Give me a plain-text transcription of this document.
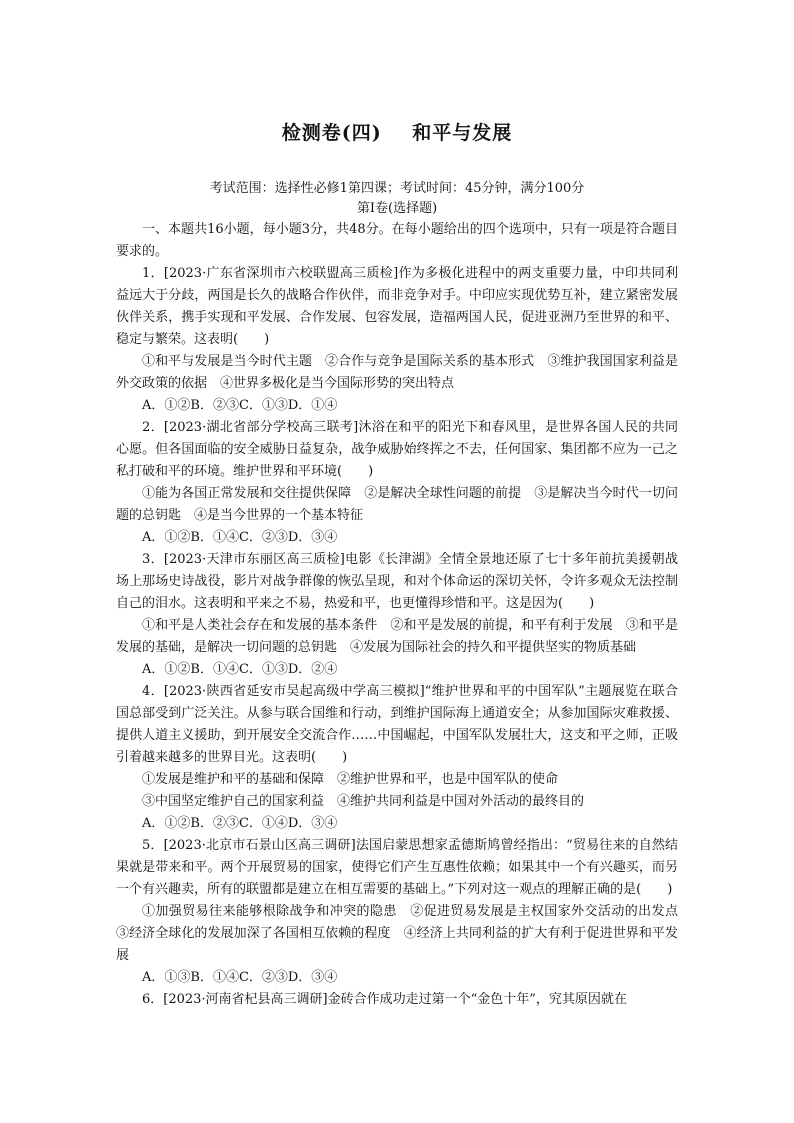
检测卷(四)    和平与发展
考试范围：选择性必修1第四课；考试时间：45分钟，满分100分
第Ⅰ卷(选择题)

一、本题共16小题，每小题3分，共48分。在每小题给出的四个选项中，只有一项是符合题目要求的。

1．[2023·广东省深圳市六校联盟高三质检]作为多极化进程中的两支重要力量，中印共同利益远大于分歧，两国是长久的战略合作伙伴，而非竞争对手。中印应实现优势互补，建立紧密发展伙伴关系，携手实现和平发展、合作发展、包容发展，造福两国人民，促进亚洲乃至世界的和平、稳定与繁荣。这表明(　　)

①和平与发展是当今时代主题　②合作与竞争是国际关系的基本形式　③维护我国国家利益是外交政策的依据　④世界多极化是当今国际形势的突出特点

A．①②B．②③C．①③D．①④

2．[2023·湖北省部分学校高三联考]沐浴在和平的阳光下和春风里，是世界各国人民的共同心愿。但各国面临的安全威胁日益复杂，战争威胁始终挥之不去，任何国家、集团都不应为一己之私打破和平的环境。维护世界和平环境(　　)

①能为各国正常发展和交往提供保障　②是解决全球性问题的前提　③是解决当今时代一切问题的总钥匙　④是当今世界的一个基本特征

A．①②B．①④C．②③D．③④

3．[2023·天津市东丽区高三质检]电影《长津湖》全情全景地还原了七十多年前抗美援朝战场上那场史诗战役，影片对战争群像的恢弘呈现，和对个体命运的深切关怀，令许多观众无法控制自己的泪水。这表明和平来之不易，热爱和平，也更懂得珍惜和平。这是因为(　　)

①和平是人类社会存在和发展的基本条件　②和平是发展的前提，和平有利于发展　③和平是发展的基础，是解决一切问题的总钥匙　④发展为国际社会的持久和平提供坚实的物质基础

A．①②B．①④C．①③D．②④

4．[2023·陕西省延安市吴起高级中学高三模拟]“维护世界和平的中国军队”主题展览在联合国总部受到广泛关注。从参与联合国维和行动，到维护国际海上通道安全；从参加国际灾难救援、提供人道主义援助，到开展安全交流合作……中国崛起，中国军队发展壮大，这支和平之师，正吸引着越来越多的世界目光。这表明(　　)

①发展是维护和平的基础和保障　②维护世界和平，也是中国军队的使命

③中国坚定维护自己的国家利益　④维护共同利益是中国对外活动的最终目的

A．①②B．②③C．①④D．③④

5．[2023·北京市石景山区高三调研]法国启蒙思想家孟德斯鸠曾经指出：“贸易往来的自然结果就是带来和平。两个开展贸易的国家，使得它们产生互惠性依赖；如果其中一个有兴趣买，而另一个有兴趣卖，所有的联盟都是建立在相互需要的基础上。”下列对这一观点的理解正确的是(　　)

①加强贸易往来能够根除战争和冲突的隐患　②促进贸易发展是主权国家外交活动的出发点　③经济全球化的发展加深了各国相互依赖的程度　④经济上共同利益的扩大有利于促进世界和平发展

A．①③B．①④C．②③D．③④

6．[2023·河南省杞县高三调研]金砖合作成功走过第一个“金色十年”，究其原因就在
